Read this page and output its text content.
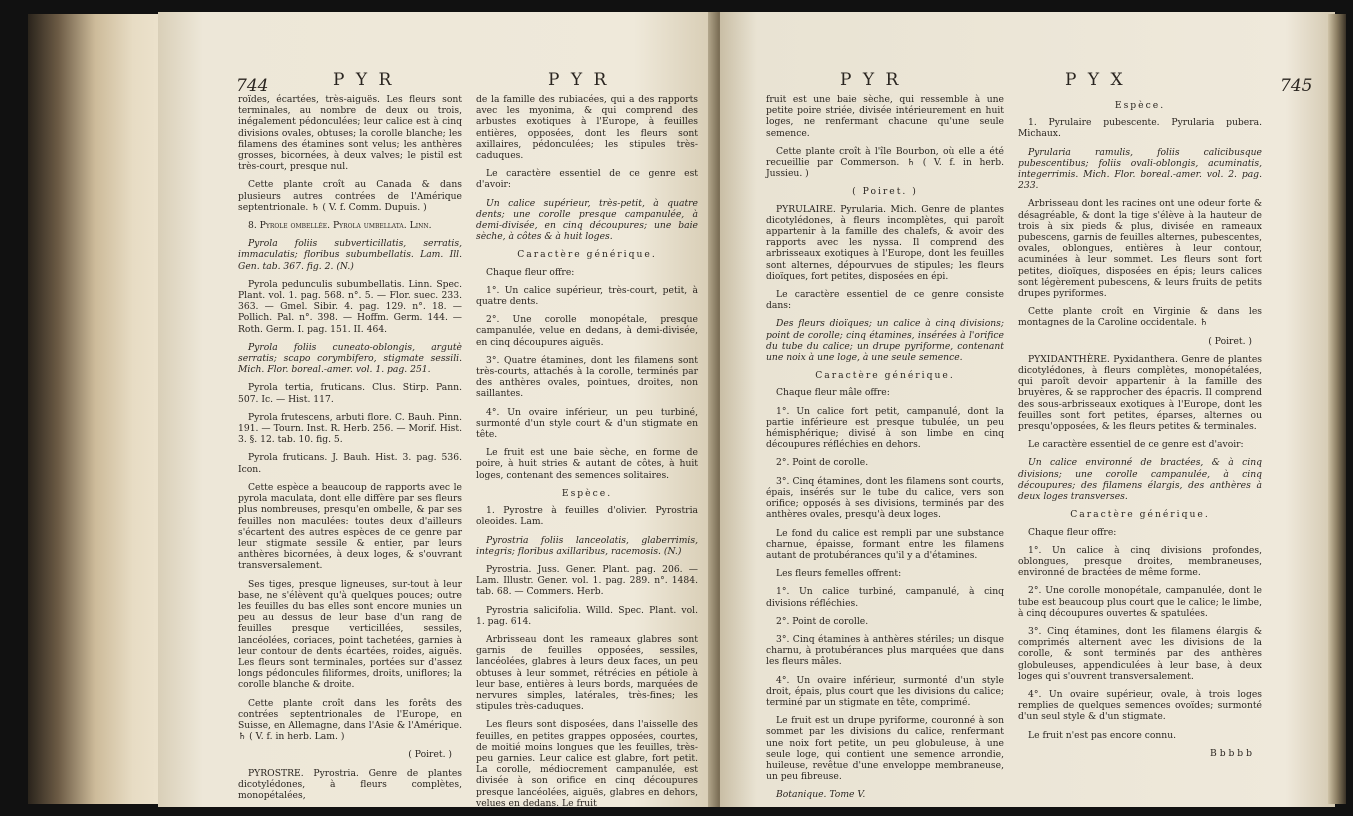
744	P Y R	P Y R

roïdes, écartées, très-aiguës. Les fleurs sont terminales, au nombre de deux ou trois, inégalement pédonculées; leur calice est à cinq divisions ovales, obtuses; la corolle blanche; les filamens des étamines sont velus; les anthères grosses, bicornées, à deux valves; le pistil est très-court, presque nul.

Cette plante croît au Canada & dans plusieurs autres contrées de l'Amérique septentrionale. ♄ ( V. f. Comm. Dupuis. )

8. Pyrole ombellée. Pyrola umbellata. Linn.

Pyrola foliis subverticillatis, serratis, immaculatis; floribus subumbellatis. Lam. Ill. Gen. tab. 367. fig. 2. (N.)

Pyrola pedunculis subumbellatis. Linn. Spec. Plant. vol. 1. pag. 568. n°. 5. — Flor. suec. 233. 363. — Gmel. Sibir. 4. pag. 129. n°. 18. — Pollich. Pal. n°. 398. — Hoffm. Germ. 144. — Roth. Germ. I. pag. 151. II. 464.

Pyrola foliis cuneato-oblongis, argutè serratis; scapo corymbifero, stigmate sessili. Mich. Flor. boreal.-amer. vol. 1. pag. 251.

Pyrola tertia, fruticans. Clus. Stirp. Pann. 507. Ic. — Hist. 117.

Pyrola frutescens, arbuti flore. C. Bauh. Pinn. 191. — Tourn. Inst. R. Herb. 256. — Morif. Hist. 3. §. 12. tab. 10. fig. 5.

Pyrola fruticans. J. Bauh. Hist. 3. pag. 536. Icon.

Cette espèce a beaucoup de rapports avec le pyrola maculata, dont elle diffère par ses fleurs plus nombreuses, presqu'en ombelle, & par ses feuilles non maculées: toutes deux d'ailleurs s'écartent des autres espèces de ce genre par leur stigmate sessile & entier, par leurs anthères bicornées, à deux loges, & s'ouvrant transversalement.

Ses tiges, presque ligneuses, sur-tout à leur base, ne s'élèvent qu'à quelques pouces; outre les feuilles du bas elles sont encore munies un peu au dessus de leur base d'un rang de feuilles presque verticillées, sessiles, lancéolées, coriaces, point tachetées, garnies à leur contour de dents écartées, roides, aiguës. Les fleurs sont terminales, portées sur d'assez longs pédoncules filiformes, droits, uniflores; la corolle blanche & droite.

Cette plante croît dans les forêts des contrées septentrionales de l'Europe, en Suisse, en Allemagne, dans l'Asie & l'Amérique. ♄ ( V. f. in herb. Lam. )

( Poiret. )

PYROSTRE. Pyrostria. Genre de plantes dicotylédones, à fleurs complètes, monopétalées,

de la famille des rubiacées, qui a des rapports avec les myonima, & qui comprend des arbustes exotiques à l'Europe, à feuilles entières, opposées, dont les fleurs sont axillaires, pédonculées; les stipules très-caduques.

Le caractère essentiel de ce genre est d'avoir:

Un calice supérieur, très-petit, à quatre dents; une corolle presque campanulée, à demi-divisée, en cinq découpures; une baie sèche, à côtes & à huit loges.

Caractère générique.

Chaque fleur offre:

1°. Un calice supérieur, très-court, petit, à quatre dents.

2°. Une corolle monopétale, presque campanulée, velue en dedans, à demi-divisée, en cinq découpures aiguës.

3°. Quatre étamines, dont les filamens sont très-courts, attachés à la corolle, terminés par des anthères ovales, pointues, droites, non saillantes.

4°. Un ovaire inférieur, un peu turbiné, surmonté d'un style court & d'un stigmate en tête.

Le fruit est une baie sèche, en forme de poire, à huit stries & autant de côtes, à huit loges, contenant des semences solitaires.

Espèce.

1. Pyrostre à feuilles d'olivier. Pyrostria oleoides. Lam.

Pyrostria foliis lanceolatis, glaberrimis, integris; floribus axillaribus, racemosis. (N.)

Pyrostria. Juss. Gener. Plant. pag. 206. — Lam. Illustr. Gener. vol. 1. pag. 289. n°. 1484. tab. 68. — Commers. Herb.

Pyrostria salicifolia. Willd. Spec. Plant. vol. 1. pag. 614.

Arbrisseau dont les rameaux glabres sont garnis de feuilles opposées, sessiles, lancéolées, glabres à leurs deux faces, un peu obtuses à leur sommet, rétrécies en pétiole à leur base, entières à leurs bords, marquées de nervures simples, latérales, très-fines; les stipules très-caduques.

Les fleurs sont disposées, dans l'aisselle des feuilles, en petites grappes opposées, courtes, de moitié moins longues que les feuilles, très-peu garnies. Leur calice est glabre, fort petit. La corolle, médiocrement campanulée, est divisée à son orifice en cinq découpures presque lancéolées, aiguës, glabres en dehors, velues en dedans. Le fruit

P Y R	P Y X	745

fruit est une baie sèche, qui ressemble à une petite poire striée, divisée intérieurement en huit loges, ne renfermant chacune qu'une seule semence.

Cette plante croît à l'île Bourbon, où elle a été recueillie par Commerson. ♄ ( V. f. in herb. Jussieu. )

( Poiret. )

PYRULAIRE. Pyrularia. Mich. Genre de plantes dicotylédones, à fleurs incomplètes, qui paroît appartenir à la famille des chalefs, & avoir des rapports avec les nyssa. Il comprend des arbrisseaux exotiques à l'Europe, dont les feuilles sont alternes, dépourvues de stipules; les fleurs dioïques, fort petites, disposées en épi.

Le caractère essentiel de ce genre consiste dans:

Des fleurs dioïques; un calice à cinq divisions; point de corolle; cinq étamines, insérées à l'orifice du tube du calice; un drupe pyriforme, contenant une noix à une loge, à une seule semence.

Caractère générique.

Chaque fleur mâle offre:

1°. Un calice fort petit, campanulé, dont la partie inférieure est presque tubulée, un peu hémisphérique; divisé à son limbe en cinq découpures réfléchies en dehors.

2°. Point de corolle.

3°. Cinq étamines, dont les filamens sont courts, épais, insérés sur le tube du calice, vers son orifice; opposés à ses divisions, terminés par des anthères ovales, presqu'à deux loges.

Le fond du calice est rempli par une substance charnue, épaisse, formant entre les filamens autant de protubérances qu'il y a d'étamines.

Les fleurs femelles offrent:

1°. Un calice turbiné, campanulé, à cinq divisions réfléchies.

2°. Point de corolle.

3°. Cinq étamines à anthères stériles; un disque charnu, à protubérances plus marquées que dans les fleurs mâles.

4°. Un ovaire inférieur, surmonté d'un style droit, épais, plus court que les divisions du calice; terminé par un stigmate en tête, comprimé.

Le fruit est un drupe pyriforme, couronné à son sommet par les divisions du calice, renfermant une noix fort petite, un peu globuleuse, à une seule loge, qui contient une semence arrondie, huileuse, revêtue d'une enveloppe membraneuse, un peu fibreuse.

Botanique. Tome V.

Espèce.

1. Pyrulaire pubescente. Pyrularia pubera. Michaux.

Pyrularia ramulis, foliis calicibusque pubescentibus; foliis ovali-oblongis, acuminatis, integerrimis. Mich. Flor. boreal.-amer. vol. 2. pag. 233.

Arbrisseau dont les racines ont une odeur forte & désagréable, & dont la tige s'élève à la hauteur de trois à six pieds & plus, divisée en rameaux pubescens, garnis de feuilles alternes, pubescentes, ovales, oblongues, entières à leur contour, acuminées à leur sommet. Les fleurs sont fort petites, dioïques, disposées en épis; leurs calices sont légèrement pubescens, & leurs fruits de petits drupes pyriformes.

Cette plante croît en Virginie & dans les montagnes de la Caroline occidentale. ♄

( Poiret. )

PYXIDANTHÈRE. Pyxidanthera. Genre de plantes dicotylédones, à fleurs complètes, monopétalées, qui paroît devoir appartenir à la famille des bruyères, & se rapprocher des épacris. Il comprend des sous-arbrisseaux exotiques à l'Europe, dont les feuilles sont fort petites, éparses, alternes ou presqu'opposées, & les fleurs petites & terminales.

Le caractère essentiel de ce genre est d'avoir:

Un calice environné de bractées, & à cinq divisions; une corolle campanulée, à cinq découpures; des filamens élargis, des anthères à deux loges transverses.

Caractère générique.

Chaque fleur offre:

1°. Un calice à cinq divisions profondes, oblongues, presque droites, membraneuses, environné de bractées de même forme.

2°. Une corolle monopétale, campanulée, dont le tube est beaucoup plus court que le calice; le limbe, à cinq découpures ouvertes & spatulées.

3°. Cinq étamines, dont les filamens élargis & comprimés alternent avec les divisions de la corolle, & sont terminés par des anthères globuleuses, appendiculées à leur base, à deux loges qui s'ouvrent transversalement.

4°. Un ovaire supérieur, ovale, à trois loges remplies de quelques semences ovoïdes; surmonté d'un seul style & d'un stigmate.

Le fruit n'est pas encore connu.

B b b b b
